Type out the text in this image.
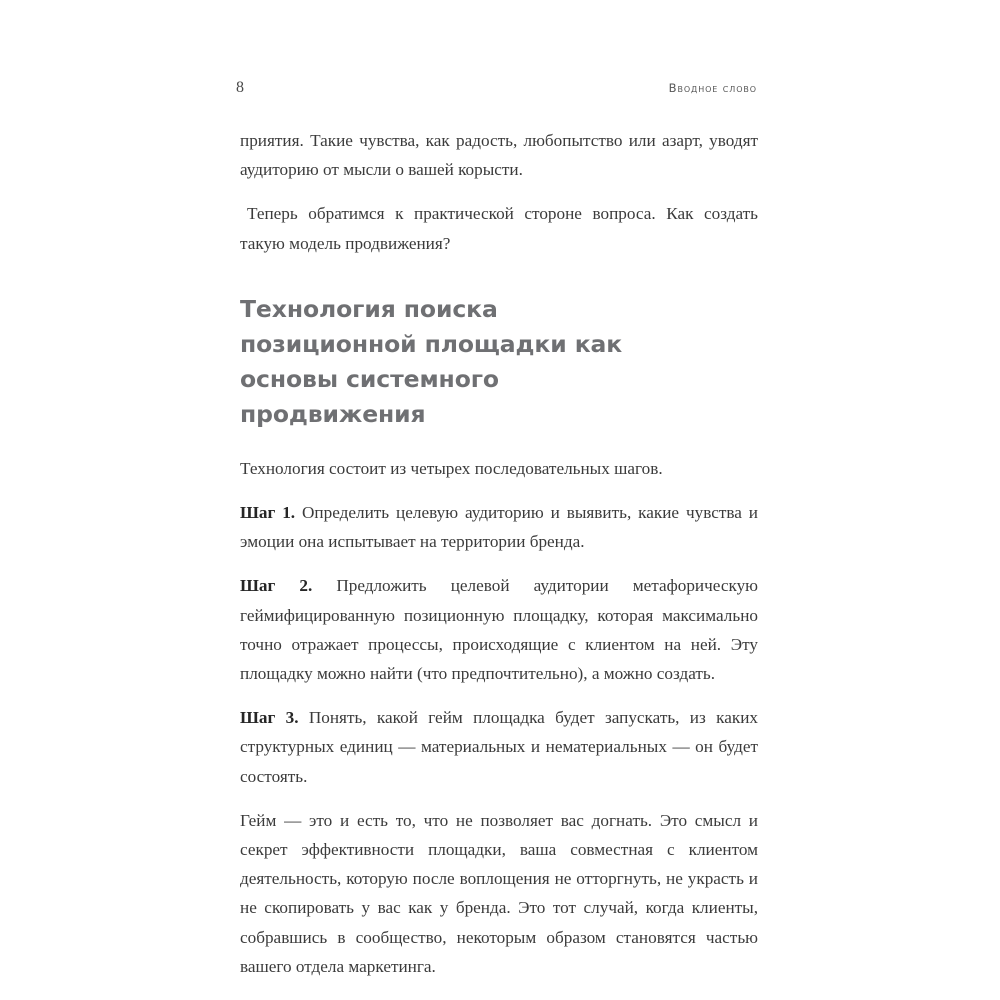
8	вводное слово

приятия. Такие чувства, как радость, любопытство или азарт, уводят аудиторию от мысли о вашей корысти.

Теперь обратимся к практической стороне вопроса. Как создать такую модель продвижения?

Технология поиска позиционной площадки как основы системного продвижения

Технология состоит из четырех последовательных шагов.

Шаг 1. Определить целевую аудиторию и выявить, какие чувства и эмоции она испытывает на территории бренда.

Шаг 2. Предложить целевой аудитории метафорическую геймифицированную позиционную площадку, которая максимально точно отражает процессы, происходящие с клиентом на ней. Эту площадку можно найти (что предпочтительно), а можно создать.

Шаг 3. Понять, какой гейм площадка будет запускать, из каких структурных единиц — материальных и нематериальных — он будет состоять.

Гейм — это и есть то, что не позволяет вас догнать. Это смысл и секрет эффективности площадки, ваша совместная с клиентом деятельность, которую после воплощения не отторгнуть, не украсть и не скопировать у вас как у бренда. Это тот случай, когда клиенты, собравшись в сообщество, некоторым образом становятся частью вашего отдела маркетинга.
